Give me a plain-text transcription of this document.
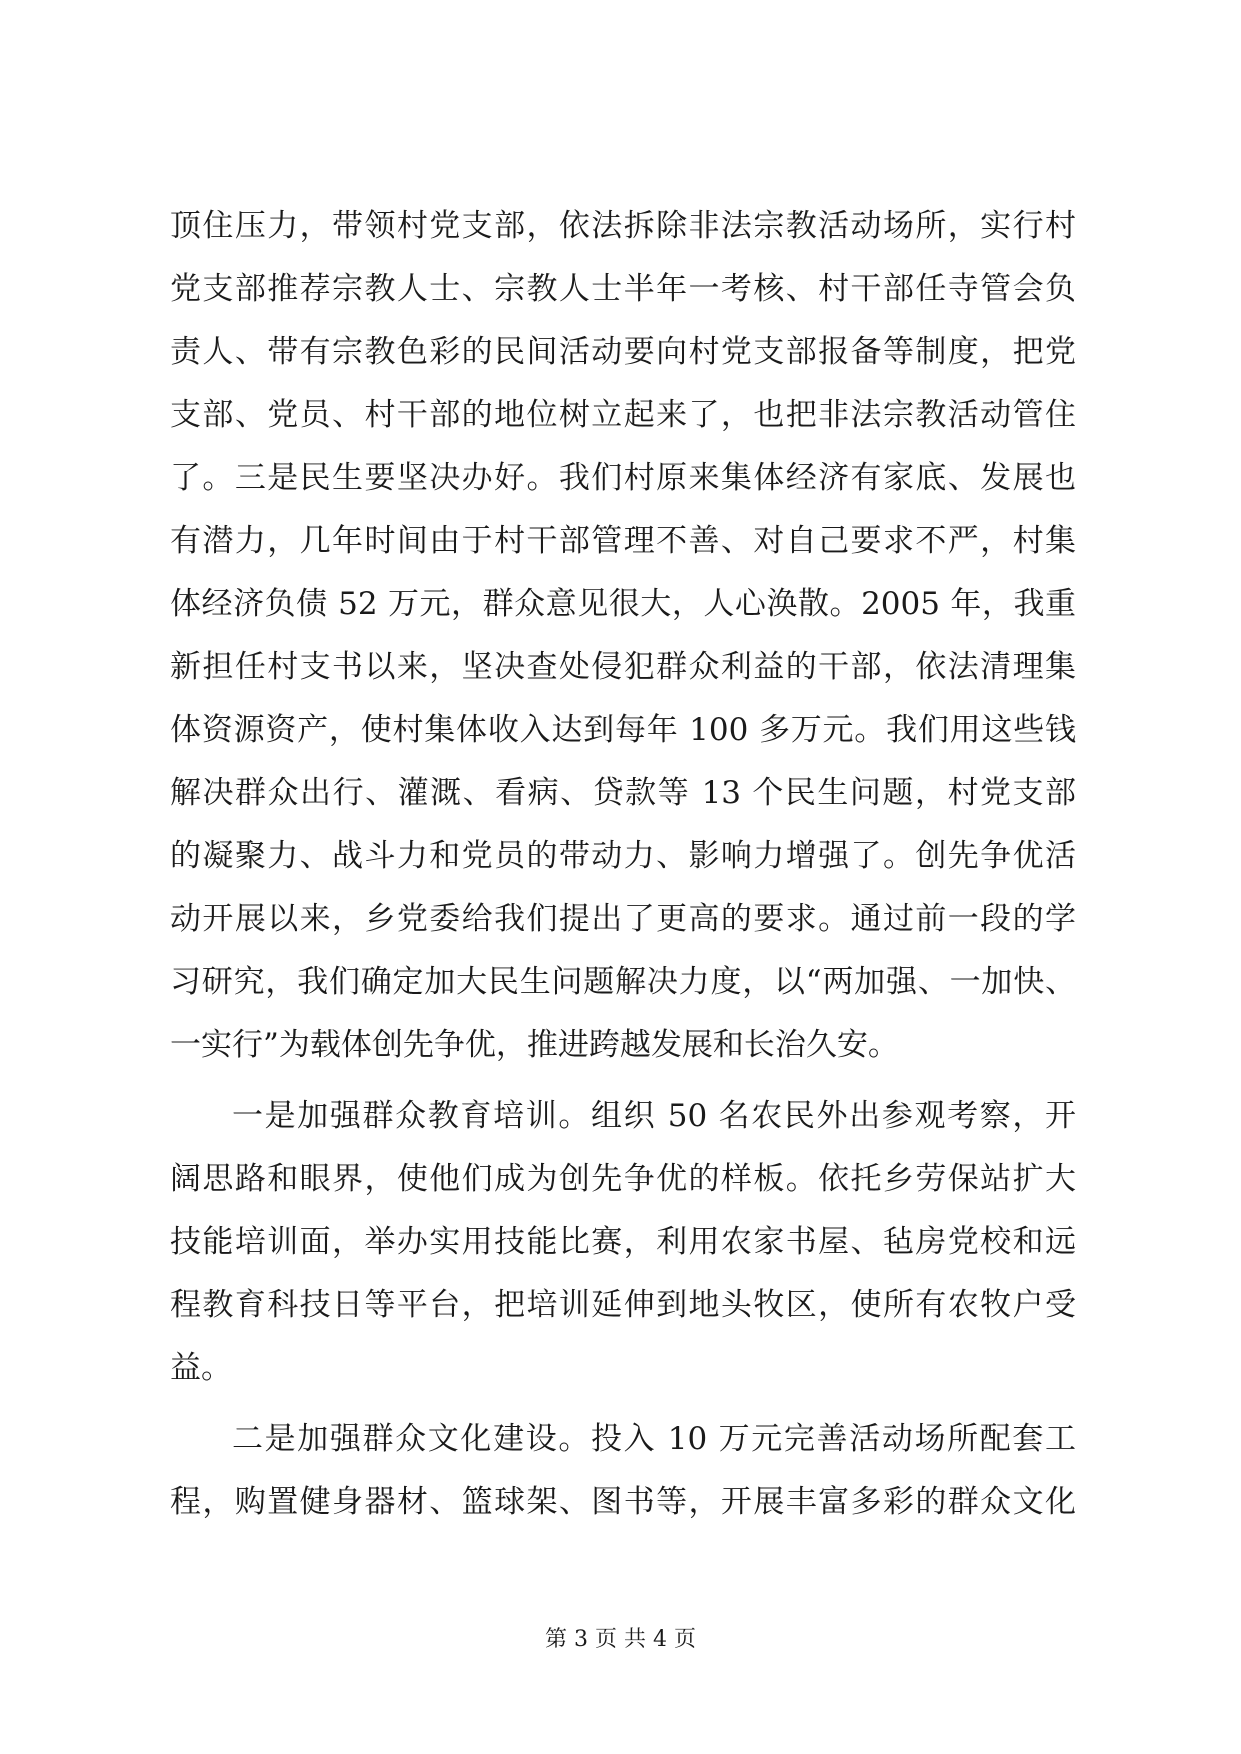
顶住压力，带领村党支部，依法拆除非法宗教活动场所，实行村
党支部推荐宗教人士、宗教人士半年一考核、村干部任寺管会负
责人、带有宗教色彩的民间活动要向村党支部报备等制度，把党
支部、党员、村干部的地位树立起来了，也把非法宗教活动管住
了。三是民生要坚决办好。我们村原来集体经济有家底、发展也
有潜力，几年时间由于村干部管理不善、对自己要求不严，村集
体经济负债 52 万元，群众意见很大，人心涣散。2005 年，我重
新担任村支书以来，坚决查处侵犯群众利益的干部，依法清理集
体资源资产，使村集体收入达到每年 100 多万元。我们用这些钱
解决群众出行、灌溉、看病、贷款等 13 个民生问题，村党支部
的凝聚力、战斗力和党员的带动力、影响力增强了。创先争优活
动开展以来，乡党委给我们提出了更高的要求。通过前一段的学
习研究，我们确定加大民生问题解决力度，以“两加强、一加快、
一实行”为载体创先争优，推进跨越发展和长治久安。
一是加强群众教育培训。组织 50 名农民外出参观考察，开
阔思路和眼界，使他们成为创先争优的样板。依托乡劳保站扩大
技能培训面，举办实用技能比赛，利用农家书屋、毡房党校和远
程教育科技日等平台，把培训延伸到地头牧区，使所有农牧户受
益。
二是加强群众文化建设。投入 10 万元完善活动场所配套工
程，购置健身器材、篮球架、图书等，开展丰富多彩的群众文化
第 3 页 共 4 页
